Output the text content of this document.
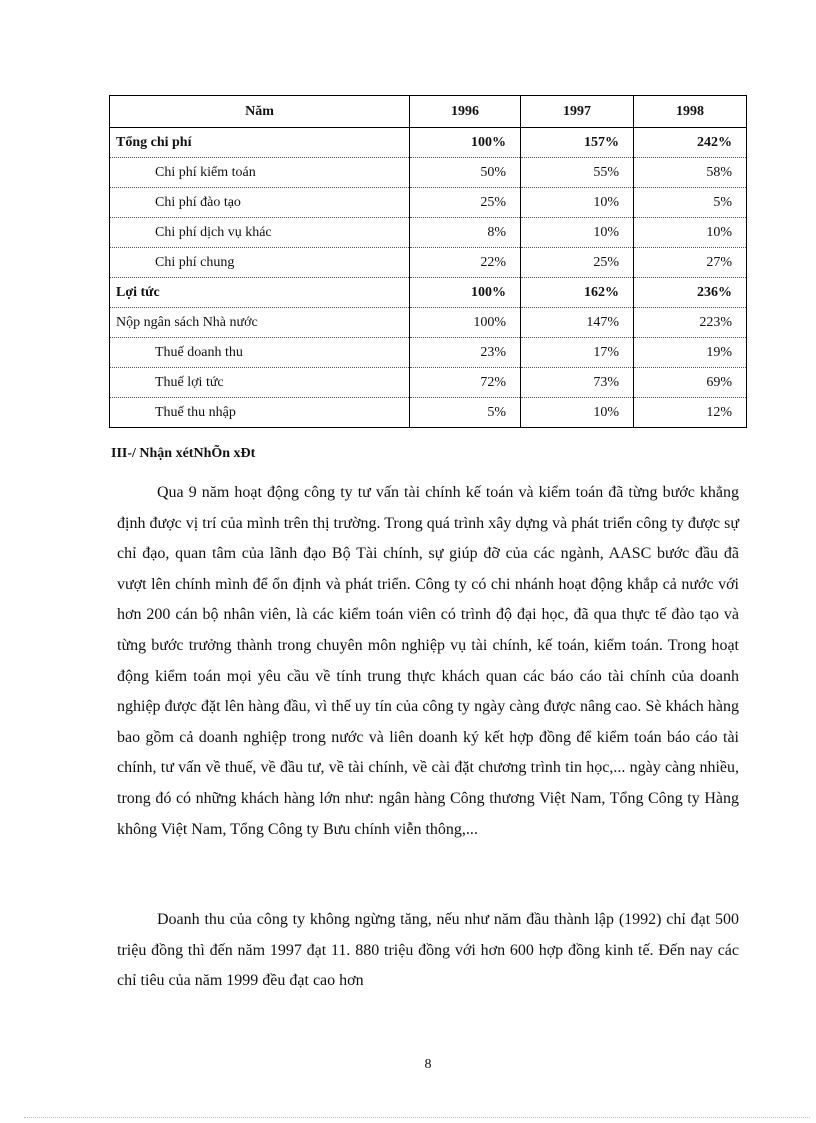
Năm	1996	1997	1998
Tổng chi phí	100%	157%	242%
Chi phí kiểm toán	50%	55%	58%
Chi phí đào tạo	25%	10%	5%
Chi phí dịch vụ khác	8%	10%	10%
Chi phí chung	22%	25%	27%
Lợi tức	100%	162%	236%
Nộp ngân sách Nhà nước	100%	147%	223%
Thuế doanh thu	23%	17%	19%
Thuế lợi tức	72%	73%	69%
Thuế thu nhập	5%	10%	12%
III-/ Nhận xétNhÕn xÐt

Qua 9 năm hoạt động công ty tư vấn tài chính kế toán và kiểm toán đã từng bước khẳng định được vị trí của mình trên thị trường. Trong quá trình xây dựng và phát triển công ty được sự chỉ đạo, quan tâm của lãnh đạo Bộ Tài chính, sự giúp đỡ của các ngành, AASC bước đầu đã vượt lên chính mình để ổn định và phát triển. Công ty có chi nhánh hoạt động khắp cả nước với hơn 200 cán bộ nhân viên, là các kiểm toán viên có trình độ đại học, đã qua thực tế đào tạo và từng bước trưởng thành trong chuyên môn nghiệp vụ tài chính, kế toán, kiểm toán. Trong hoạt động kiểm toán mọi yêu cầu về tính trung thực khách quan các báo cáo tài chính của doanh nghiệp được đặt lên hàng đầu, vì thế uy tín của công ty ngày càng được nâng cao. Sè khách hàng bao gồm cả doanh nghiệp trong nước và liên doanh ký kết hợp đồng để kiểm toán báo cáo tài chính, tư vấn về thuế, về đầu tư, về tài chính, về cài đặt chương trình tin học,... ngày càng nhiều, trong đó có những khách hàng lớn như: ngân hàng Công thương Việt Nam, Tổng Công ty Hàng không Việt Nam, Tổng Công ty Bưu chính viễn thông,...

Doanh thu của công ty không ngừng tăng, nếu như năm đầu thành lập (1992) chỉ đạt 500 triệu đồng thì đến năm 1997 đạt 11. 880 triệu đồng với hơn 600 hợp đồng kinh tế. Đến nay các chỉ tiêu của năm 1999 đều đạt cao hơn

8
